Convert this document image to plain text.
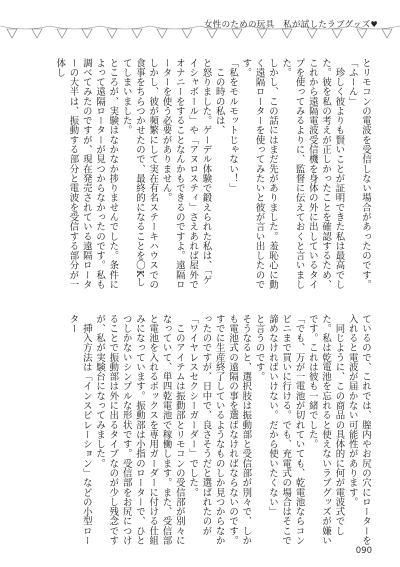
女性のための玩具　私が試したラブグッズ♥
とリモコンの電波を受信しない場合があったのです。
「ふーん」
　珍しく彼よりも賢いことが証明できた私は最高でした。彼を私の考えが正しかったことを確認するため、これから遠隔電波受信機を身体の外に出しているタイプを使ってみるよりに、監督に伝えておくと言いました。
しかし、この話にはまだ先がありました。羞恥心に動く遠隔ローターを使ってみたいと彼が言い出したのです。
「私をモルモットじゃない！」
　この時の私は、
と怒りました。ゲーデル体験で鍛えられた私は、「ゲイシャボール」や「アヌロスティ」さえあれば屋外でオナニーをすることなんかもできるのですよ。遠隔ローターを使う必要がありません。
しかし、彼が頻繁にして実在有名ステーキハウスでの食事をちらつかせたので、最終的になることを〇Kしてしまいました。
ところが、実験はなかなか捗りませんでした。条件によって遠隔ローターが見つからなかったのです。私も調べてみたのですが、現在発売されている遠隔ローターの大半は、振動する部分と電波を受信する部分が一体し
ているので、これでは、膣内やお尻の穴にローターを入れると電波が届かない可能性があります。
　同じように、この商品の具体的に何が電波式でした。私は乾電池を忘れると使えないラブグッズが嫌いです。これは彼も一緒でした。
「でも、万が一電池が切れていても、乾電池ならコンビニまで買いに行ける。でも、充電式の場合はそこで諦めなければいけない。だから使いたくない」
と言うのです。
そうなると、選択肢は振動部と受信部が別々で、しかも電池式の遠隔の事を選ばなければならないのです。すでに生産終了しているようなものしか見つからなかったのですが、日中で、良さそうだと選ばれたのが「ワイヤレスセクシーガーダー」でした。
　このアイテムは振動部とリモコンの受信部が別々になっていて、単四乾電池で稼働します。また、受信部と電池を入れるボックスを専用ガーダーに付ける仕組みになっています。振動部は小指のローターで、ひとつしかないシンプルな形状です。受信部をお尻につけることで振動部は外に出るタイプなのが少し残念ですが、私が実験台になってみました。
　挿入方法は「インスピレーション」などの小型ローター
090
